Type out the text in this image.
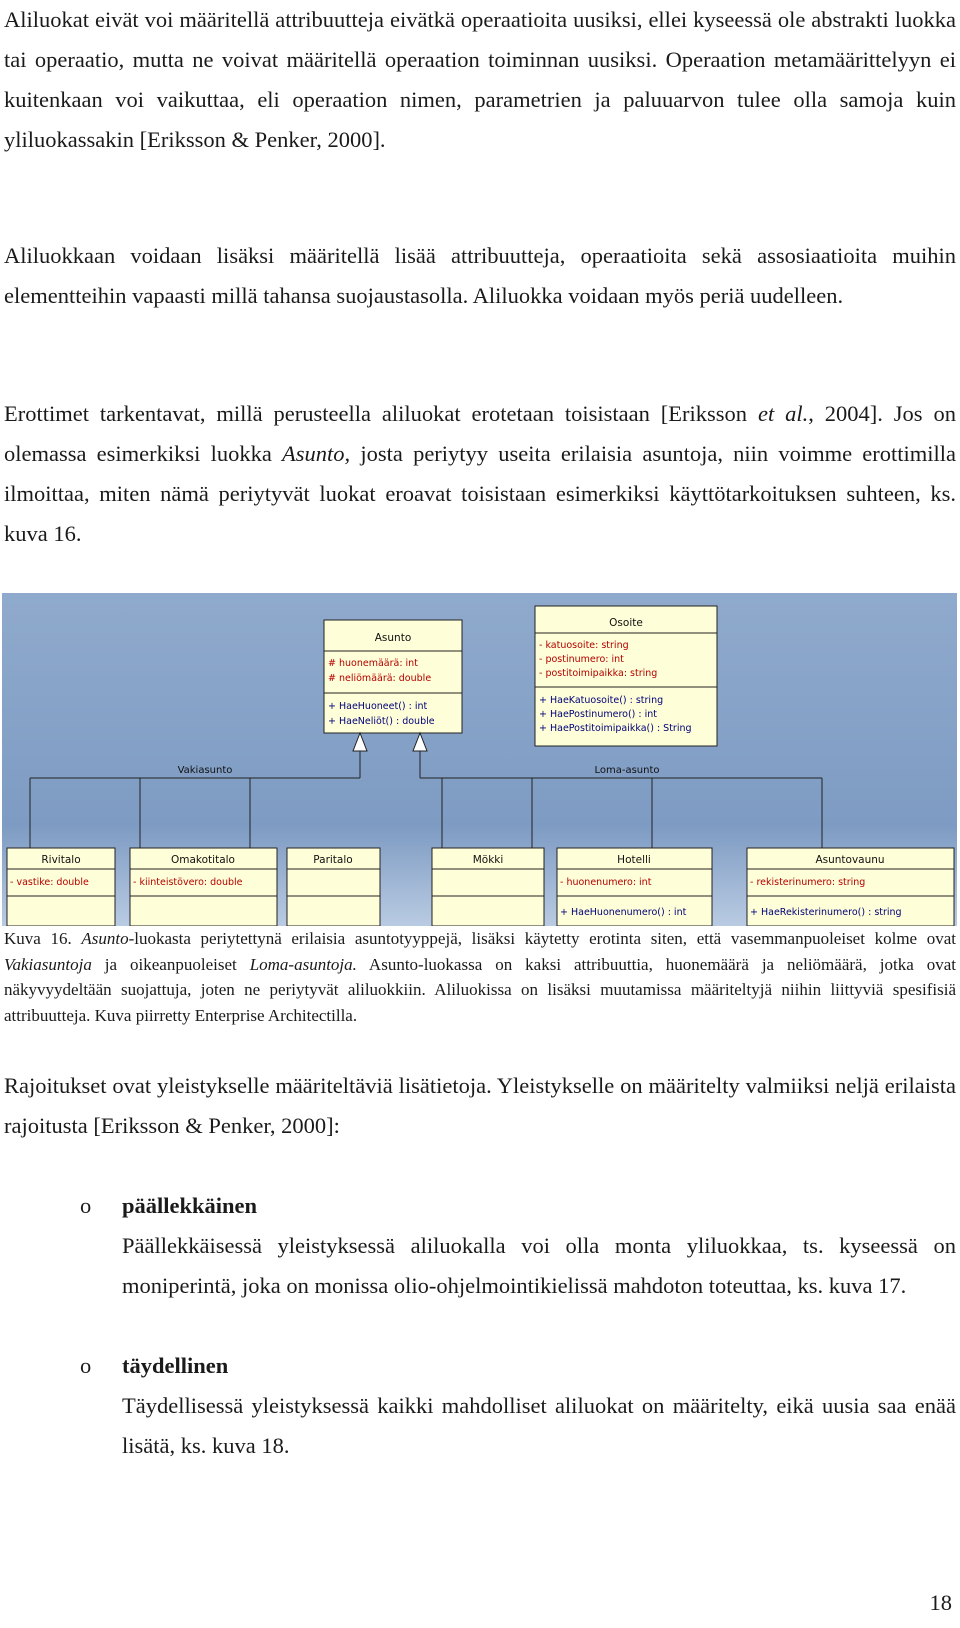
Aliluokat eivät voi määritellä attribuutteja eivätkä operaatioita uusiksi, ellei kyseessä ole abstrakti luokka tai operaatio, mutta ne voivat määritellä operaation toiminnan uusiksi. Operaation metamäärittelyyn ei kuitenkaan voi vaikuttaa, eli operaation nimen, parametrien ja paluuarvon tulee olla samoja kuin yliluokassakin [Eriksson & Penker, 2000].

Aliluokkaan voidaan lisäksi määritellä lisää attribuutteja, operaatioita sekä assosiaatioita muihin elementteihin vapaasti millä tahansa suojaustasolla. Aliluokka voidaan myös periä uudelleen.

Erottimet tarkentavat, millä perusteella aliluokat erotetaan toisistaan [Eriksson et al., 2004]. Jos on olemassa esimerkiksi luokka Asunto, josta periytyy useita erilaisia asuntoja, niin voimme erottimilla ilmoittaa, miten nämä periytyvät luokat eroavat toisistaan esimerkiksi käyttötarkoituksen suhteen, ks. kuva 16.

Asunto
# huonemäärä: int
# neliömäärä: double
+ HaeHuoneet() : int
+ HaeNeliöt() : double
Osoite
- katuosoite: string
- postinumero: int
- postitoimipaikka: string
+ HaeKatuosoite() : string
+ HaePostinumero() : int
+ HaePostitoimipaikka() : String
Vakiasunto	Loma-asunto
Rivitalo
- vastike: double
Omakotitalo
- kiinteistövero: double
Paritalo	Mökki	Hotelli
- huonenumero: int
+ HaeHuonenumero() : int
Asuntovaunu
- rekisterinumero: string
+ HaeRekisterinumero() : string

Kuva 16. Asunto-luokasta periytettynä erilaisia asuntotyyppejä, lisäksi käytetty erotinta siten, että vasemmanpuoleiset kolme ovat Vakiasuntoja ja oikeanpuoleiset Loma-asuntoja. Asunto-luokassa on kaksi attribuuttia, huonemäärä ja neliömäärä, jotka ovat näkyvyydeltään suojattuja, joten ne periytyvät aliluokkiin. Aliluokissa on lisäksi muutamissa määriteltyjä niihin liittyviä spesifisiä attribuutteja. Kuva piirretty Enterprise Architectilla.

Rajoitukset ovat yleistykselle määriteltäviä lisätietoja. Yleistykselle on määritelty valmiiksi neljä erilaista rajoitusta [Eriksson & Penker, 2000]:

o päällekkäinen

Päällekkäisessä yleistyksessä aliluokalla voi olla monta yliluokkaa, ts. kyseessä on moniperintä, joka on monissa olio-ohjelmointikielissä mahdoton toteuttaa, ks. kuva 17.

o täydellinen

Täydellisessä yleistyksessä kaikki mahdolliset aliluokat on määritelty, eikä uusia saa enää lisätä, ks. kuva 18.

18
